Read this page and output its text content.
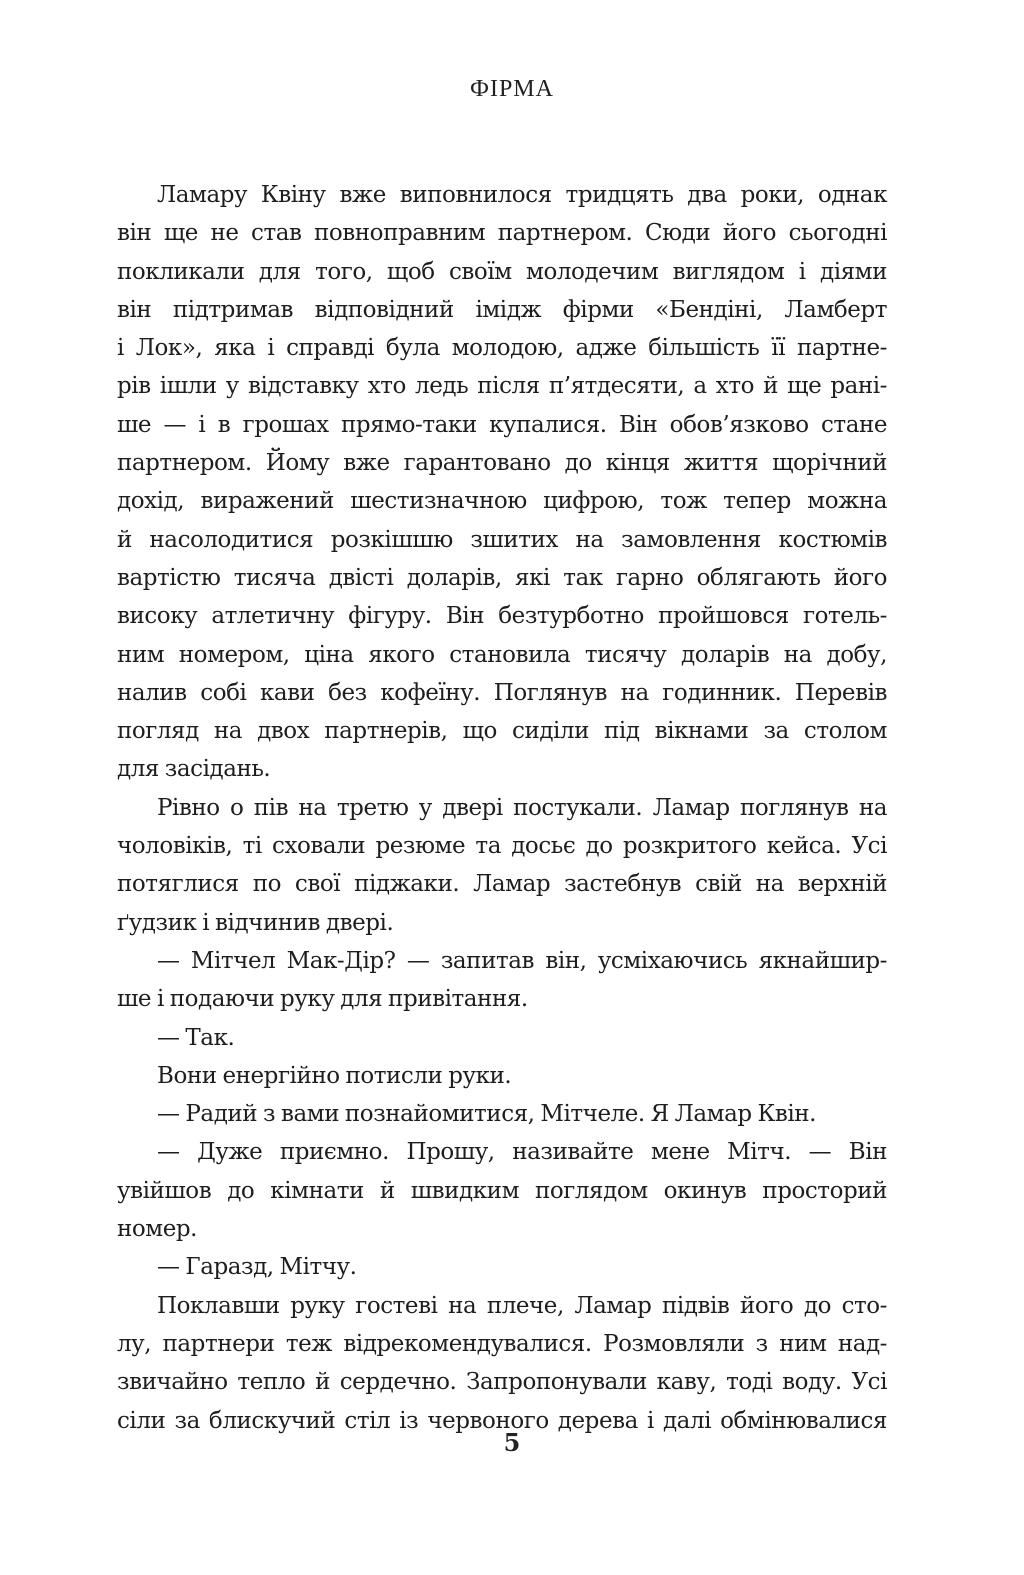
ФІРМА
Ламару Квіну вже виповнилося тридцять два роки, однак
він ще не став повноправним партнером. Сюди його сьогодні
покликали для того, щоб своїм молодечим виглядом і діями
він підтримав відповідний імідж фірми «Бендіні, Ламберт
і Лок», яка і справді була молодою, адже більшість її партне-
рів ішли у відставку хто ледь після п’ятдесяти, а хто й ще рані-
ше — і в грошах прямо-таки купалися. Він обов’язково стане
партнером. Йому вже гарантовано до кінця життя щорічний
дохід, виражений шестизначною цифрою, тож тепер можна
й насолодитися розкішшю зшитих на замовлення костюмів
вартістю тисяча двісті доларів, які так гарно облягають його
високу атлетичну фігуру. Він безтурботно пройшовся готель-
ним номером, ціна якого становила тисячу доларів на добу,
налив собі кави без кофеїну. Поглянув на годинник. Перевів
погляд на двох партнерів, що сиділи під вікнами за столом
для засідань.
Рівно о пів на третю у двері постукали. Ламар поглянув на
чоловіків, ті сховали резюме та досьє до розкритого кейса. Усі
потяглися по свої піджаки. Ламар застебнув свій на верхній
ґудзик і відчинив двері.
— Мітчел Мак-Дір? — запитав він, усміхаючись якнайшир-
ше і подаючи руку для привітання.
— Так.
Вони енергійно потисли руки.
— Радий з вами познайомитися, Мітчеле. Я Ламар Квін.
— Дуже приємно. Прошу, називайте мене Мітч. — Він
увійшов до кімнати й швидким поглядом окинув просторий
номер.
— Гаразд, Мітчу.
Поклавши руку гостеві на плече, Ламар підвів його до сто-
лу, партнери теж відрекомендувалися. Розмовляли з ним над-
звичайно тепло й сердечно. Запропонували каву, тоді воду. Усі
сіли за блискучий стіл із червоного дерева і далі обмінювалися
5
